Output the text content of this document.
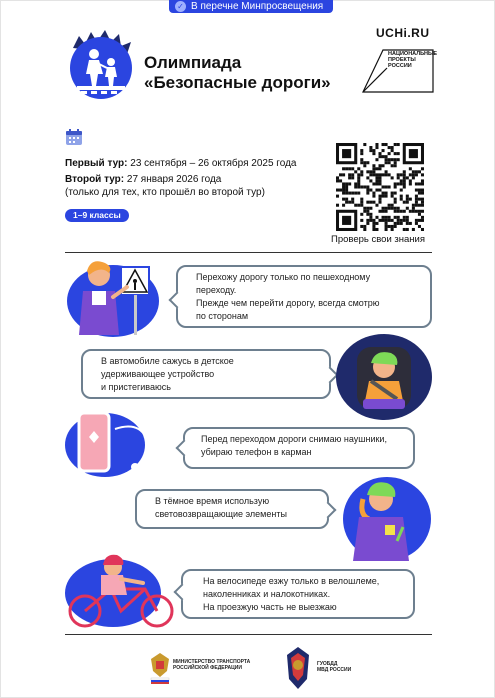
✓ В перечне Минпросвещения
Олимпиада
«Безопасные дороги»
UCHi.RU
НАЦИОНАЛЬНЫЕ
ПРОЕКТЫ
РОССИИ
Первый тур: 23 сентября – 26 октября 2025 года
Второй тур: 27 января 2026 года
(только для тех, кто прошёл во второй тур)
1–9 классы
Проверь свои знания
Перехожу дорогу только по пешеходному
переходу.
Прежде чем перейти дорогу, всегда смотрю
по сторонам
В автомобиле сажусь в детское
удерживающее устройство
и пристегиваюсь
Перед переходом дороги снимаю наушники,
убираю телефон в карман
В тёмное время использую
световозвращающие элементы
На велосипеде езжу только в велошлеме,
наколенниках и налокотниках.
На проезжую часть не выезжаю
МИНИСТЕРСТВО ТРАНСПОРТА
РОССИЙСКОЙ ФЕДЕРАЦИИ
ГУОБДД
МВД РОССИИ
